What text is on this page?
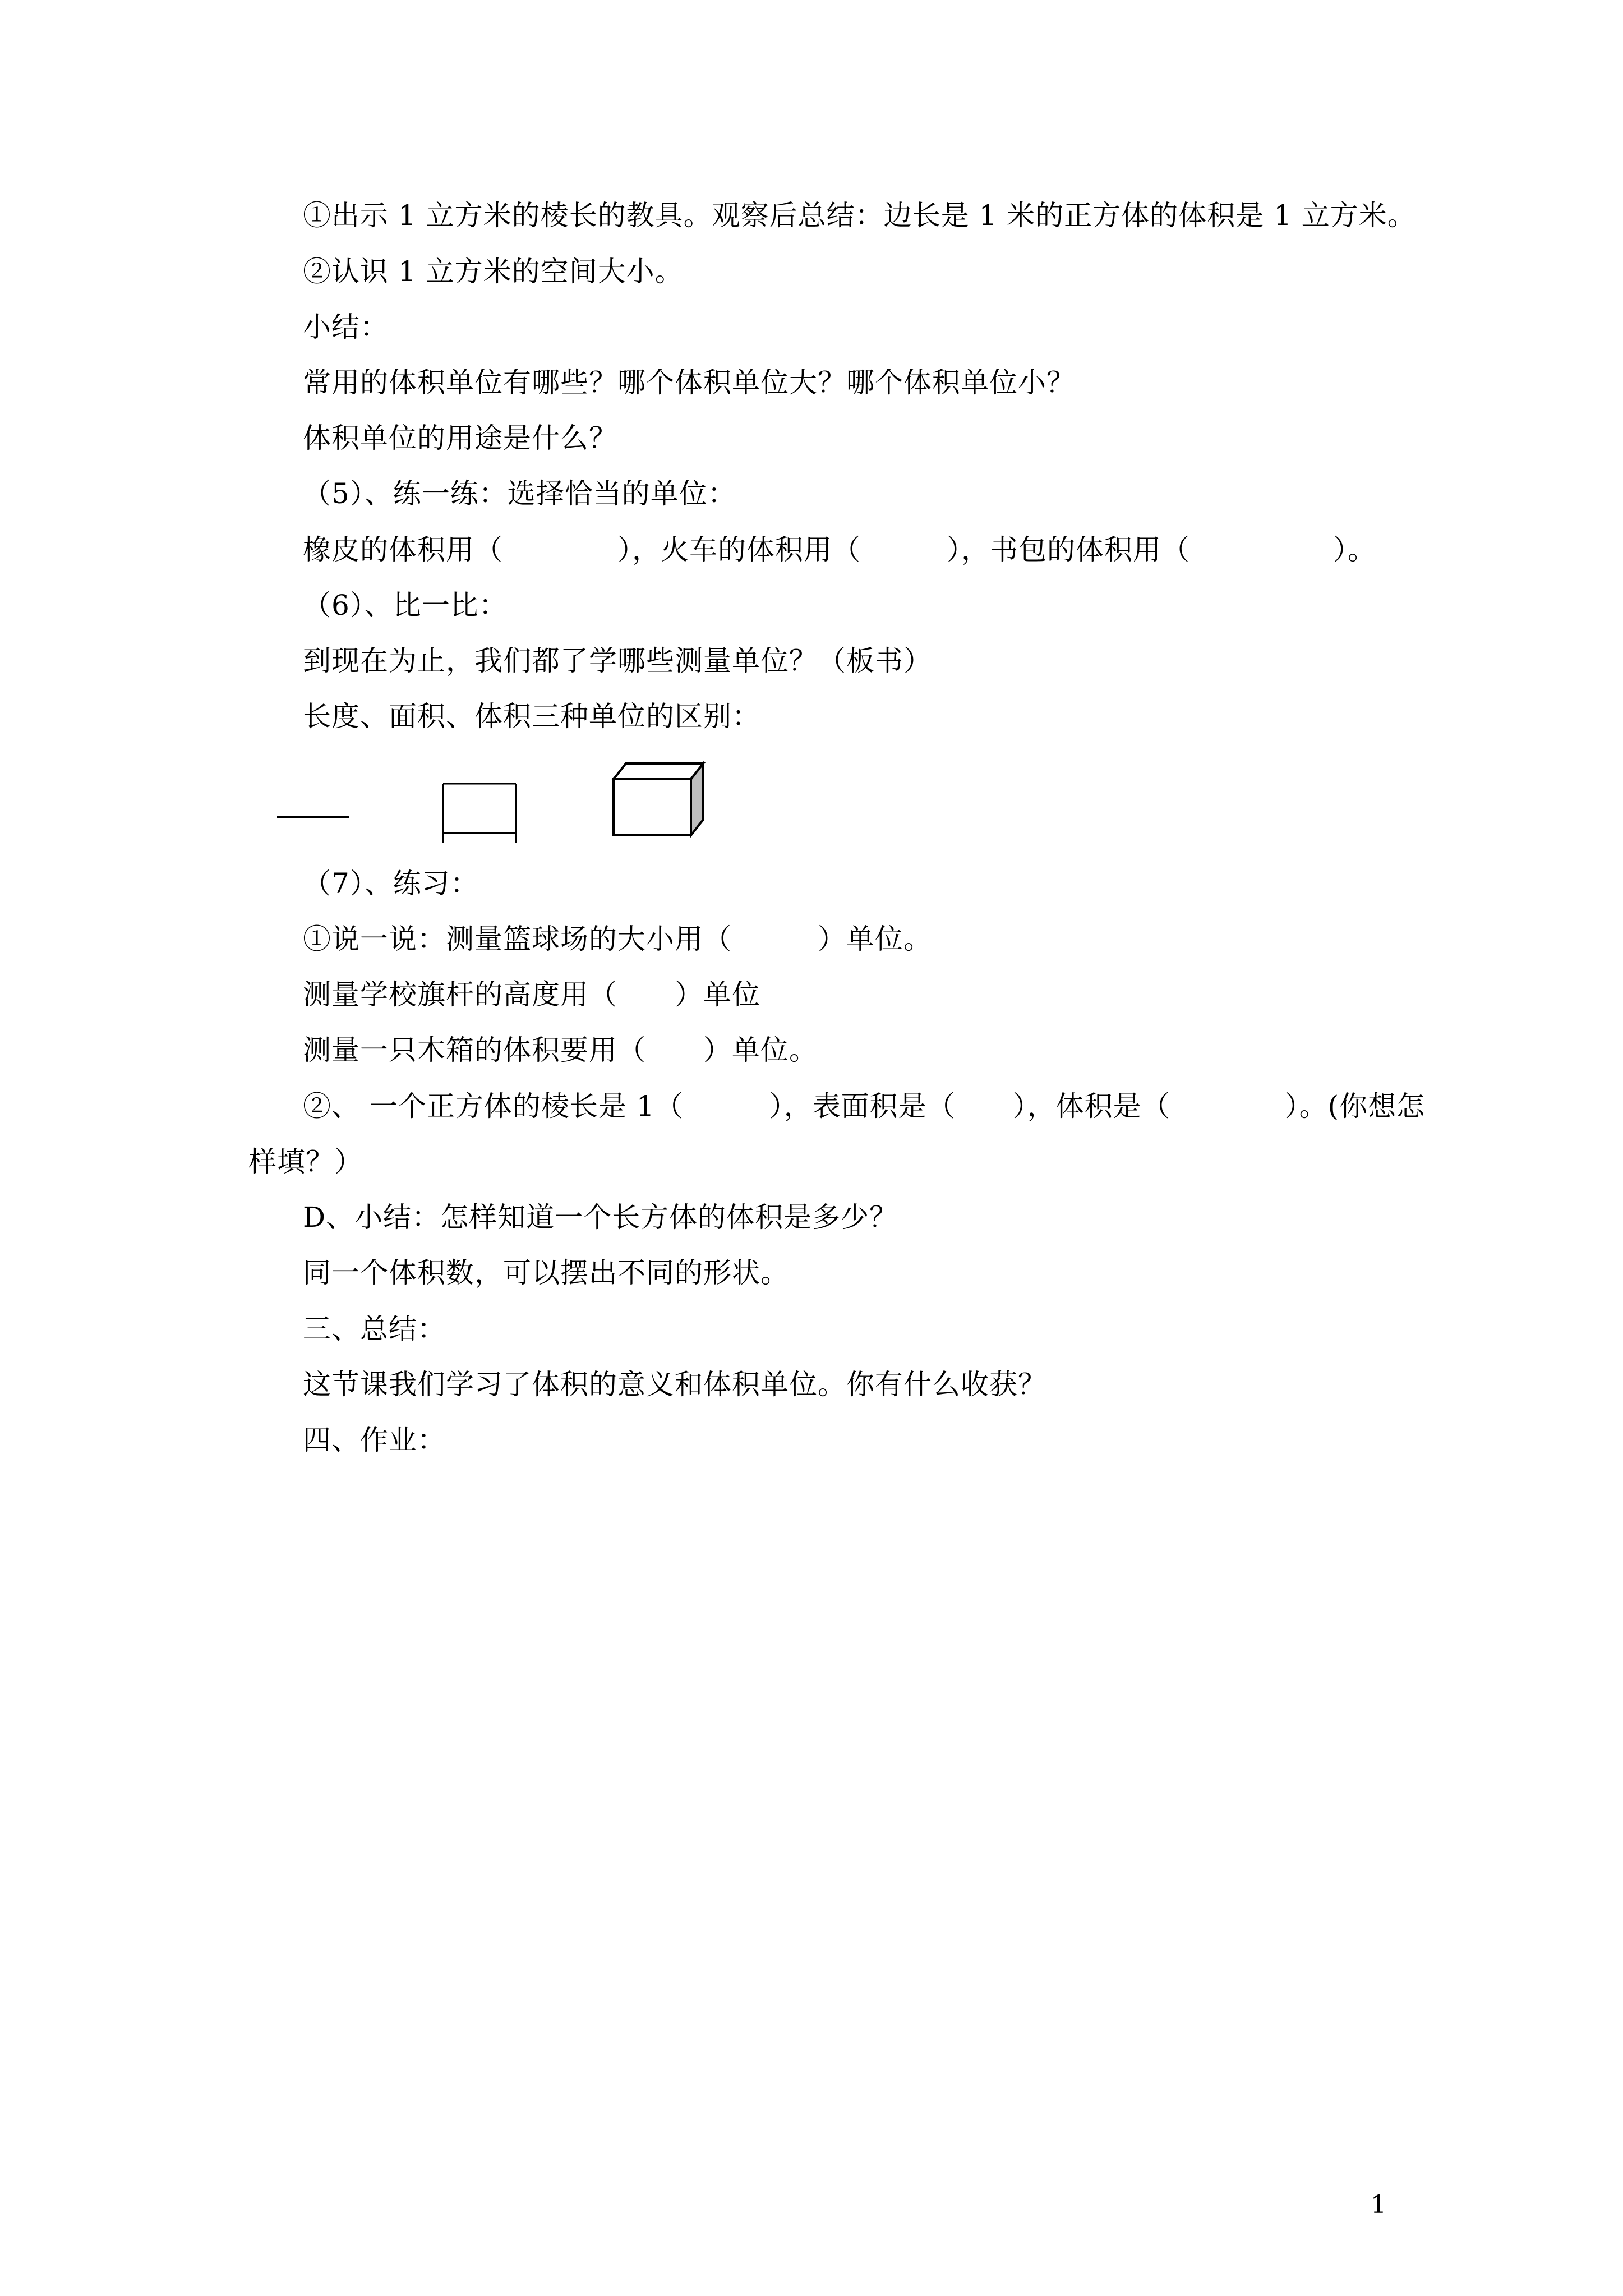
①出示 1 立方米的棱长的教具。观察后总结：边长是 1 米的正方体的体积是 1 立方米。
②认识 1 立方米的空间大小。
小结：
常用的体积单位有哪些？哪个体积单位大？哪个体积单位小？
体积单位的用途是什么？
（5）、练一练：选择恰当的单位：
橡皮的体积用（　　　　），火车的体积用（　　　），书包的体积用（　　　　　）。
（6）、比一比：
到现在为止，我们都了学哪些测量单位？（板书）
长度、面积、体积三种单位的区别：
（7）、练习：
①说一说：测量篮球场的大小用（　　　）单位。
测量学校旗杆的高度用（　　）单位
测量一只木箱的体积要用（　　）单位。
②、 一个正方体的棱长是 1（　　　），表面积是（　　），体积是（　　　　）。(你想怎
样填？）
D、小结：怎样知道一个长方体的体积是多少？
同一个体积数，可以摆出不同的形状。
三、总结：
这节课我们学习了体积的意义和体积单位。你有什么收获？
四、作业：
1
